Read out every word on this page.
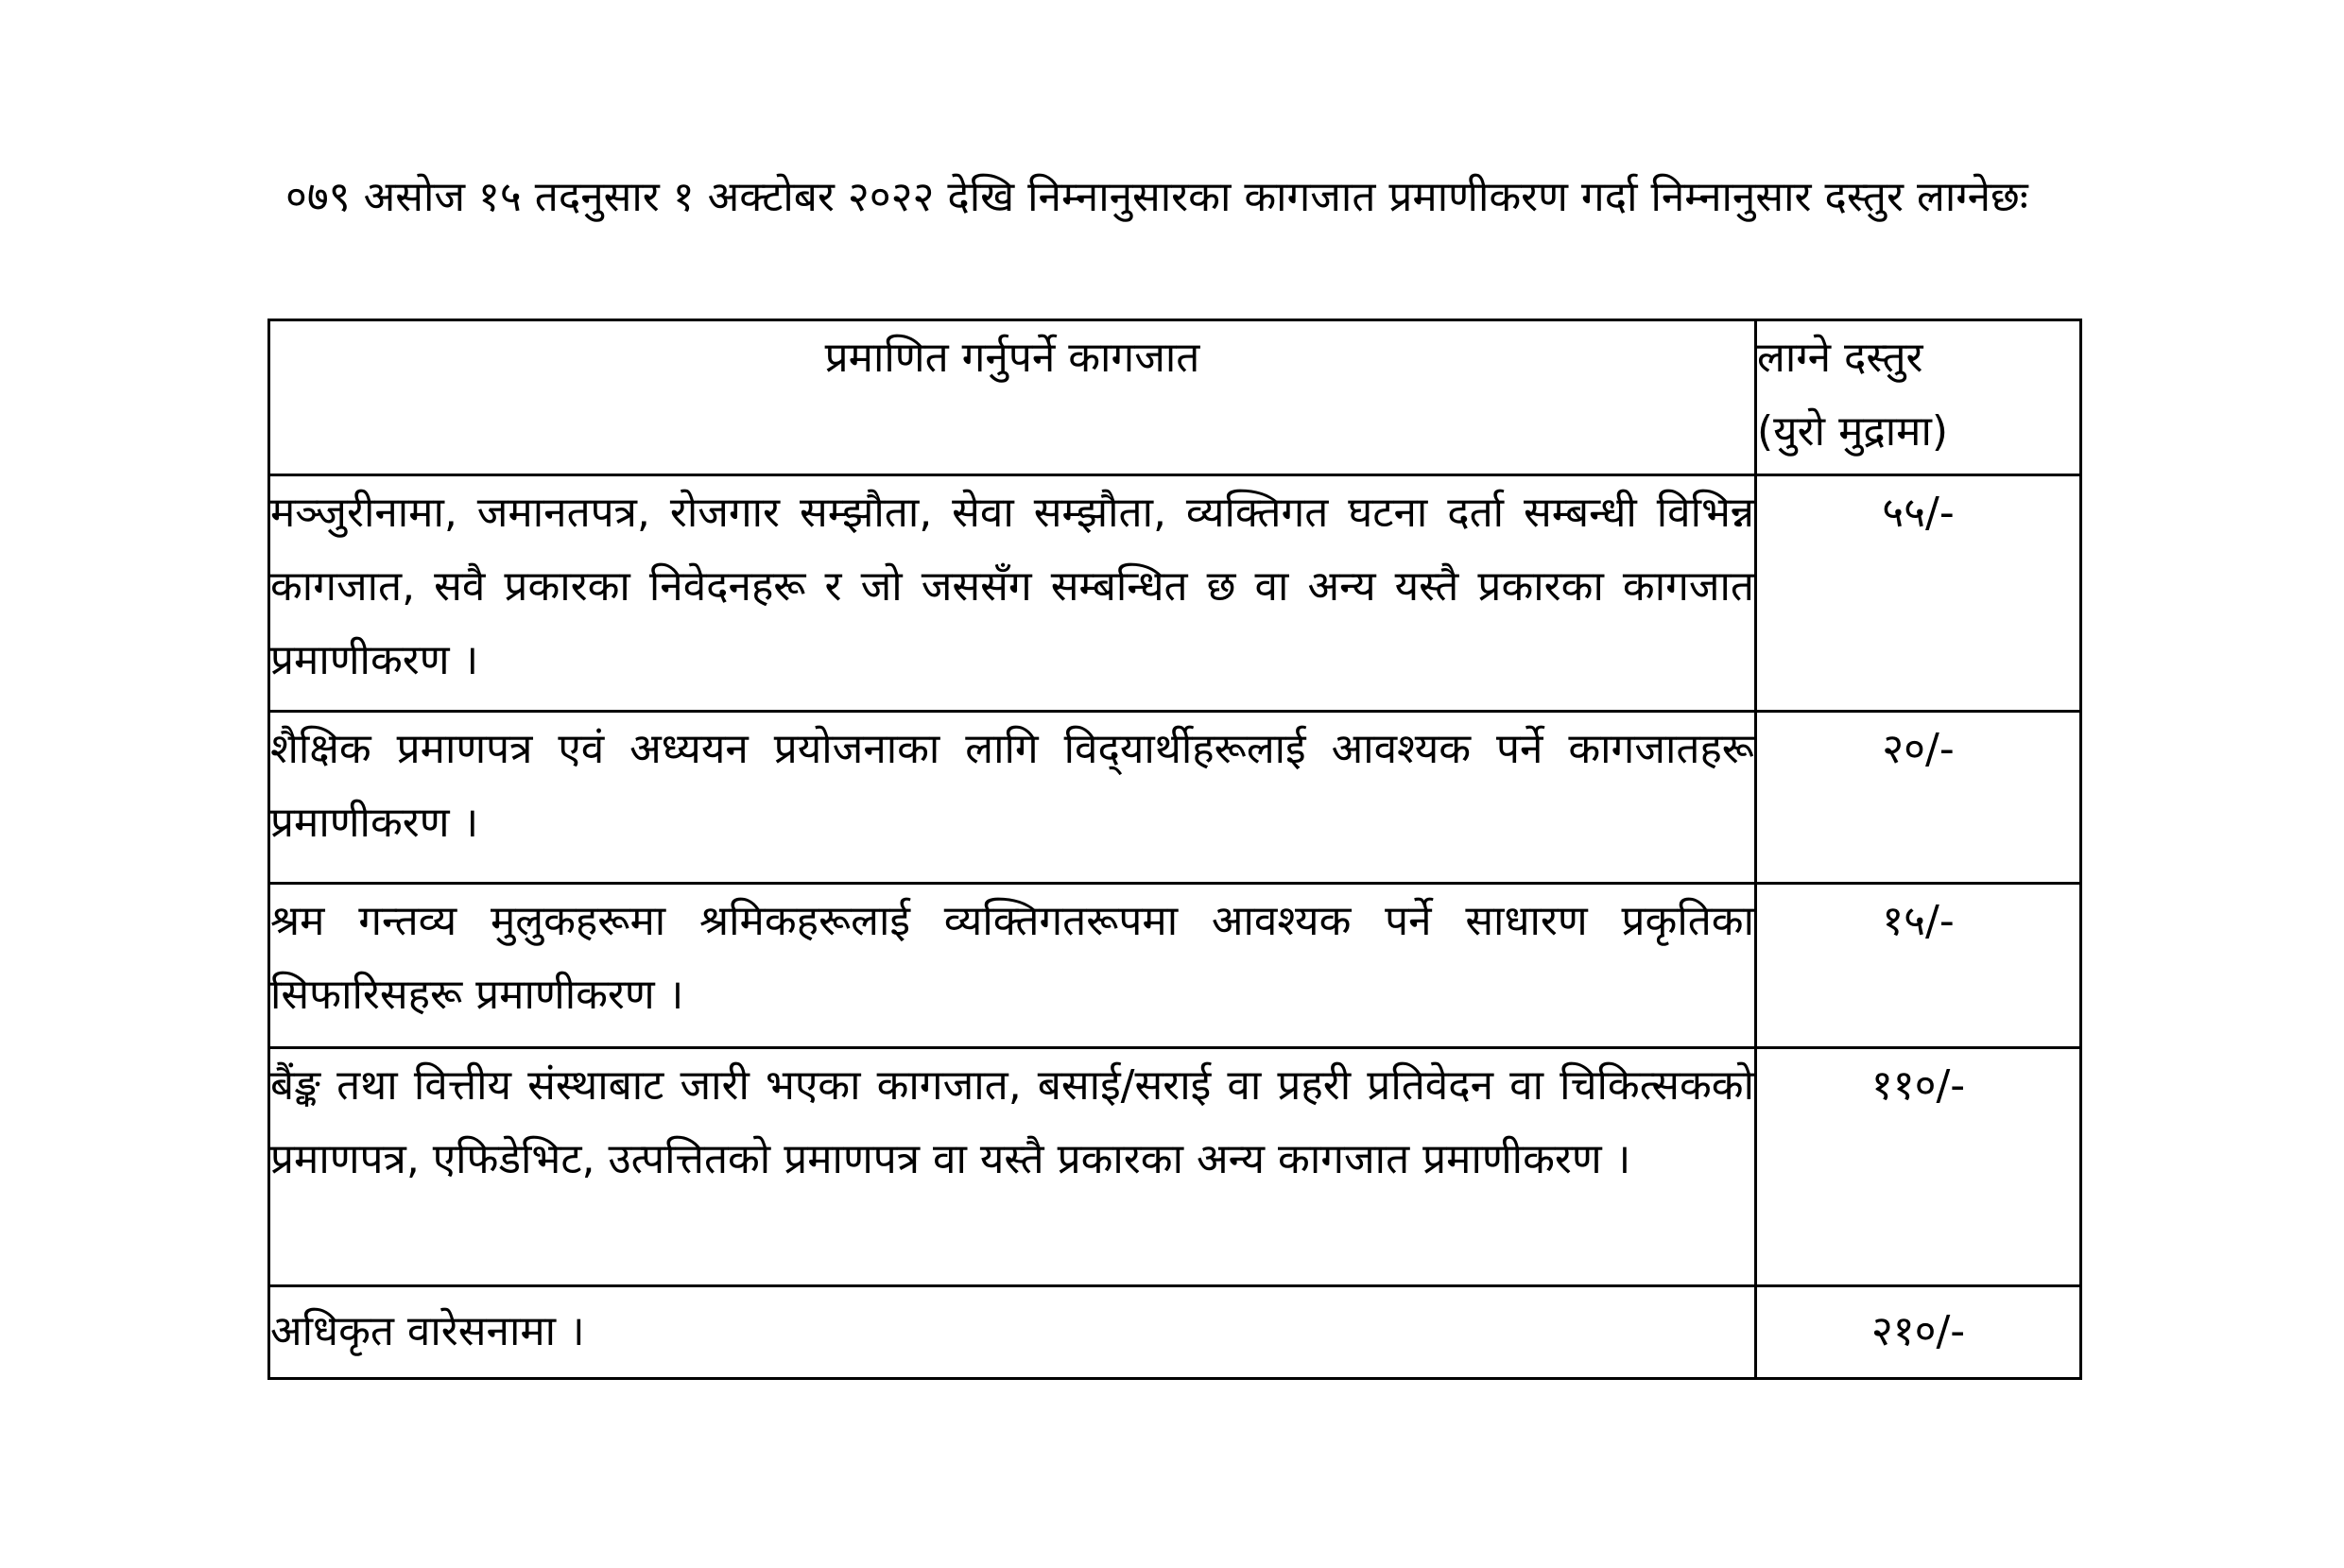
०७९ असोज १५ तदनुसार १ अक्टोबर २०२२ देखि निम्नानुसारका कागजात प्रमाणीकरण गर्दा निम्नानुसार दस्तुर लाग्नेछः

प्रमाणित गर्नुपर्ने कागजात	लाग्ने दस्तुर
(युरो मुद्रामा)

मञ्जुरीनामा, जमानतपत्र, रोजगार सम्झौता, सेवा सम्झौता, व्यक्तिगत घटना दर्ता सम्बन्धी विभिन्न कागजात, सवै प्रकारका निवेदनहरू र जो जससँग सम्बन्धित छ वा अन्य यस्तै प्रकारका कागजात प्रमाणीकरण ।	५५/-
शैक्षिक प्रमाणपत्र एवं अध्ययन प्रयोजनाका लागि विद्‍यार्थीहरूलाई आवश्यक पर्ने कागजातहरू प्रमाणीकरण ।	२०/-
श्रम गन्तव्य मुलुकहरूमा श्रमिकहरूलाई व्यक्तिगतरूपमा आवश्यक पर्ने साधारण प्रकृतिका सिफारिसहरू प्रमाणीकरण ।	१५/-
बैंङ्क तथा वित्तीय संस्थाबाट जारी भएका कागजात, बसाई/सराई वा प्रहरी प्रतिवेदन वा चिकित्सकको प्रमाणपत्र, एफिडेभिट, उत्पत्तितको प्रमाणपत्र वा यस्तै प्रकारका अन्य कागजात प्रमाणीकरण ।	११०/-
अधिकृत वारेसनामा ।	२१०/-
